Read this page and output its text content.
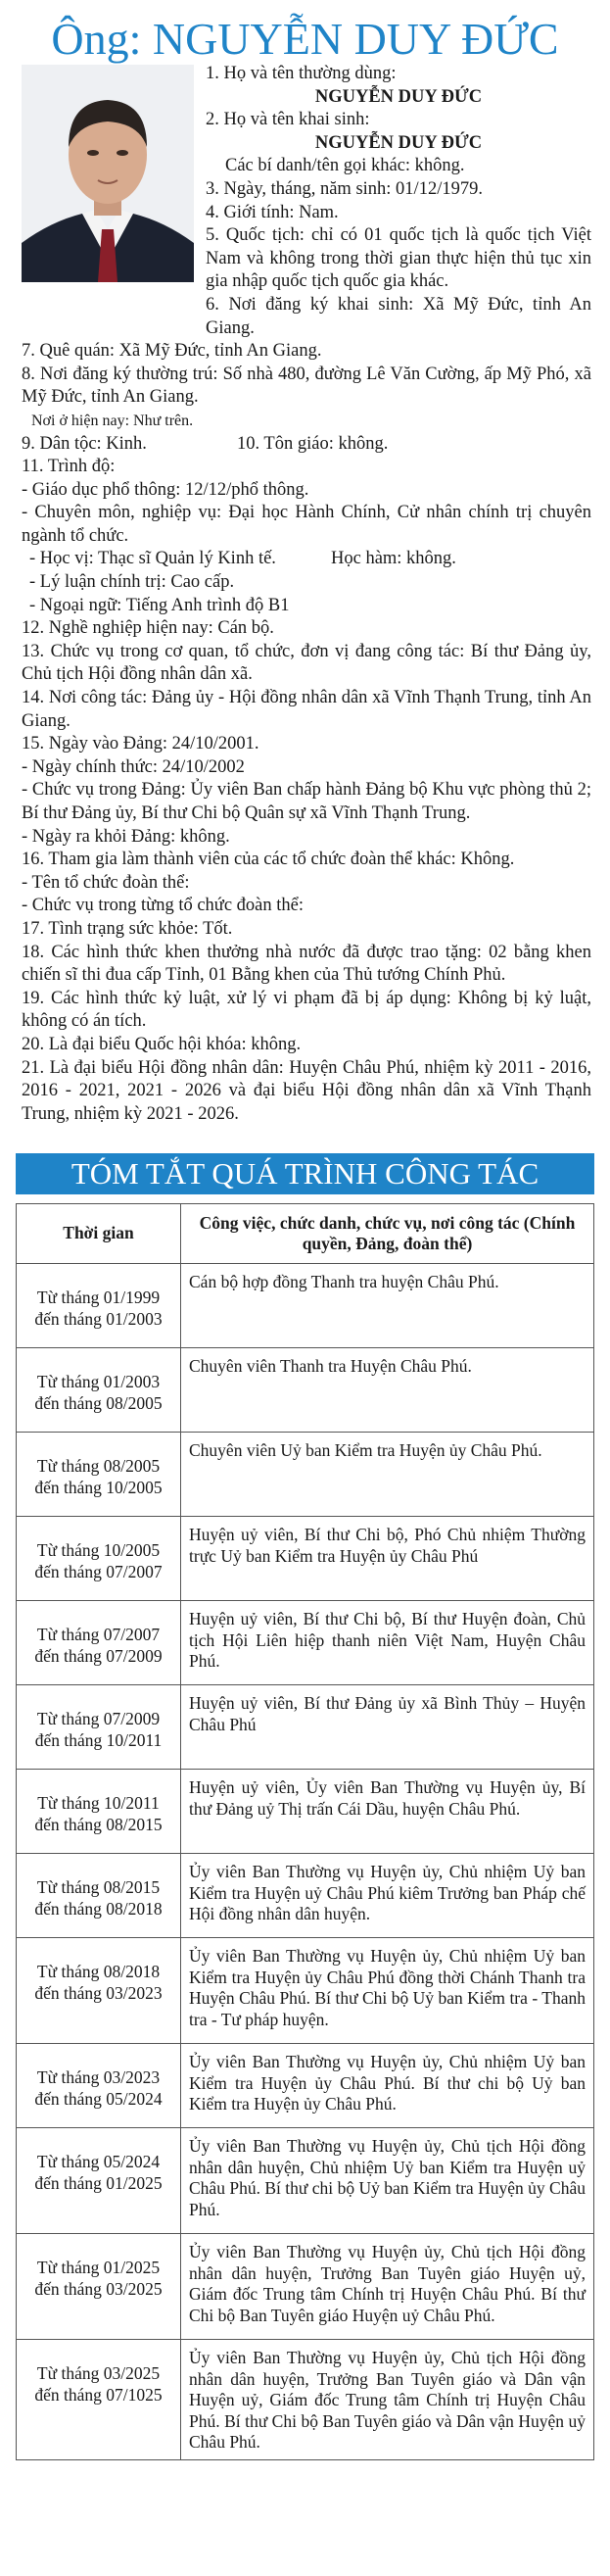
Ông: NGUYỄN DUY ĐỨC
1. Họ và tên thường dùng:
NGUYỄN DUY ĐỨC
2. Họ và tên khai sinh:
NGUYỄN DUY ĐỨC
Các bí danh/tên gọi khác: không.
3. Ngày, tháng, năm sinh: 01/12/1979.
4. Giới tính: Nam.
5. Quốc tịch: chỉ có 01 quốc tịch là quốc tịch Việt Nam và không trong thời gian thực hiện thủ tục xin gia nhập quốc tịch quốc gia khác.
6. Nơi đăng ký khai sinh: Xã Mỹ Đức, tỉnh An Giang.
7. Quê quán: Xã Mỹ Đức, tỉnh An Giang.
8. Nơi đăng ký thường trú: Số nhà 480, đường Lê Văn Cường, ấp Mỹ Phó, xã Mỹ Đức, tỉnh An Giang.
Nơi ở hiện nay: Như trên.
9. Dân tộc: Kinh.	10. Tôn giáo: không.
11. Trình độ:
- Giáo dục phổ thông: 12/12/phổ thông.
- Chuyên môn, nghiệp vụ: Đại học Hành Chính, Cử nhân chính trị chuyên ngành tổ chức.
- Học vị: Thạc sĩ Quản lý Kinh tế.	Học hàm: không.
- Lý luận chính trị: Cao cấp.
- Ngoại ngữ: Tiếng Anh trình độ B1
12. Nghề nghiệp hiện nay: Cán bộ.
13. Chức vụ trong cơ quan, tổ chức, đơn vị đang công tác: Bí thư Đảng ủy, Chủ tịch Hội đồng nhân dân xã.
14. Nơi công tác: Đảng ủy - Hội đồng nhân dân xã Vĩnh Thạnh Trung, tỉnh An Giang.
15. Ngày vào Đảng: 24/10/2001.
- Ngày chính thức: 24/10/2002
- Chức vụ trong Đảng: Ủy viên Ban chấp hành Đảng bộ Khu vực phòng thủ 2; Bí thư Đảng ủy, Bí thư Chi bộ Quân sự xã Vĩnh Thạnh Trung.
- Ngày ra khỏi Đảng: không.
16. Tham gia làm thành viên của các tổ chức đoàn thể khác: Không.
- Tên tổ chức đoàn thể:
- Chức vụ trong từng tổ chức đoàn thể:
17. Tình trạng sức khỏe: Tốt.
18. Các hình thức khen thưởng nhà nước đã được trao tặng: 02 bằng khen chiến sĩ thi đua cấp Tỉnh, 01 Bằng khen của Thủ tướng Chính Phủ.
19. Các hình thức kỷ luật, xử lý vi phạm đã bị áp dụng: Không bị kỷ luật, không có án tích.
20. Là đại biểu Quốc hội khóa: không.
21. Là đại biểu Hội đồng nhân dân: Huyện Châu Phú, nhiệm kỳ 2011 - 2016, 2016 - 2021, 2021 - 2026 và đại biểu Hội đồng nhân dân xã Vĩnh Thạnh Trung, nhiệm kỳ 2021 - 2026.
TÓM TẮT QUÁ TRÌNH CÔNG TÁC
Thời gian	Công việc, chức danh, chức vụ, nơi công tác (Chính quyền, Đảng, đoàn thể)
Từ tháng 01/1999 đến tháng 01/2003	Cán bộ hợp đồng Thanh tra huyện Châu Phú.
Từ tháng 01/2003 đến tháng 08/2005	Chuyên viên Thanh tra Huyện Châu Phú.
Từ tháng 08/2005 đến tháng 10/2005	Chuyên viên Uỷ ban Kiểm tra Huyện ủy Châu Phú.
Từ tháng 10/2005 đến tháng 07/2007	Huyện uỷ viên, Bí thư Chi bộ, Phó Chủ nhiệm Thường trực Uỷ ban Kiểm tra Huyện ủy Châu Phú
Từ tháng 07/2007 đến tháng 07/2009	Huyện uỷ viên, Bí thư Chi bộ, Bí thư Huyện đoàn, Chủ tịch Hội Liên hiệp thanh niên Việt Nam, Huyện Châu Phú.
Từ tháng 07/2009 đến tháng 10/2011	Huyện uỷ viên, Bí thư Đảng ủy xã Bình Thủy – Huyện Châu Phú
Từ tháng 10/2011 đến tháng 08/2015	Huyện uỷ viên, Ủy viên Ban Thường vụ Huyện ủy, Bí thư Đảng uỷ Thị trấn Cái Dầu, huyện Châu Phú.
Từ tháng 08/2015 đến tháng 08/2018	Ủy viên Ban Thường vụ Huyện ủy, Chủ nhiệm Uỷ ban Kiểm tra Huyện uỷ Châu Phú kiêm Trưởng ban Pháp chế Hội đồng nhân dân huyện.
Từ tháng 08/2018 đến tháng 03/2023	Ủy viên Ban Thường vụ Huyện ủy, Chủ nhiệm Uỷ ban Kiểm tra Huyện ủy Châu Phú đồng thời Chánh Thanh tra Huyện Châu Phú. Bí thư Chi bộ Uỷ ban Kiểm tra - Thanh tra - Tư pháp huyện.
Từ tháng 03/2023 đến tháng 05/2024	Ủy viên Ban Thường vụ Huyện ủy, Chủ nhiệm Uỷ ban Kiểm tra Huyện ủy Châu Phú. Bí thư chi bộ Uỷ ban Kiểm tra Huyện ủy Châu Phú.
Từ tháng 05/2024 đến tháng 01/2025	Ủy viên Ban Thường vụ Huyện ủy, Chủ tịch Hội đồng nhân dân huyện, Chủ nhiệm Uỷ ban Kiểm tra Huyện uỷ Châu Phú. Bí thư chi bộ Uỷ ban Kiểm tra Huyện ủy Châu Phú.
Từ tháng 01/2025 đến tháng 03/2025	Ủy viên Ban Thường vụ Huyện ủy, Chủ tịch Hội đồng nhân dân huyện, Trưởng Ban Tuyên giáo Huyện uỷ, Giám đốc Trung tâm Chính trị Huyện Châu Phú. Bí thư Chi bộ Ban Tuyên giáo Huyện uỷ Châu Phú.
Từ tháng 03/2025 đến tháng 07/1025	Ủy viên Ban Thường vụ Huyện ủy, Chủ tịch Hội đồng nhân dân huyện, Trưởng Ban Tuyên giáo và Dân vận Huyện uỷ, Giám đốc Trung tâm Chính trị Huyện Châu Phú. Bí thư Chi bộ Ban Tuyên giáo và Dân vận Huyện uỷ Châu Phú.
